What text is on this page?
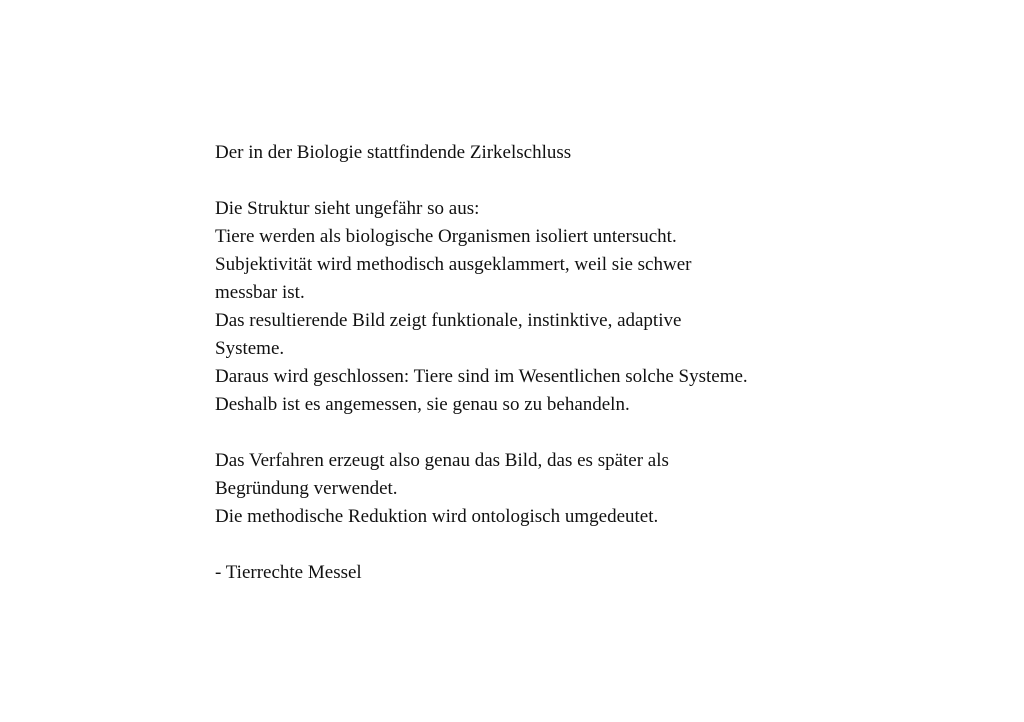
Der in der Biologie stattfindende Zirkelschluss
Die Struktur sieht ungefähr so aus:
Tiere werden als biologische Organismen isoliert untersucht.
Subjektivität wird methodisch ausgeklammert, weil sie schwer
messbar ist.
Das resultierende Bild zeigt funktionale, instinktive, adaptive
Systeme.
Daraus wird geschlossen: Tiere sind im Wesentlichen solche Systeme.
Deshalb ist es angemessen, sie genau so zu behandeln.
Das Verfahren erzeugt also genau das Bild, das es später als
Begründung verwendet.
Die methodische Reduktion wird ontologisch umgedeutet.
- Tierrechte Messel
